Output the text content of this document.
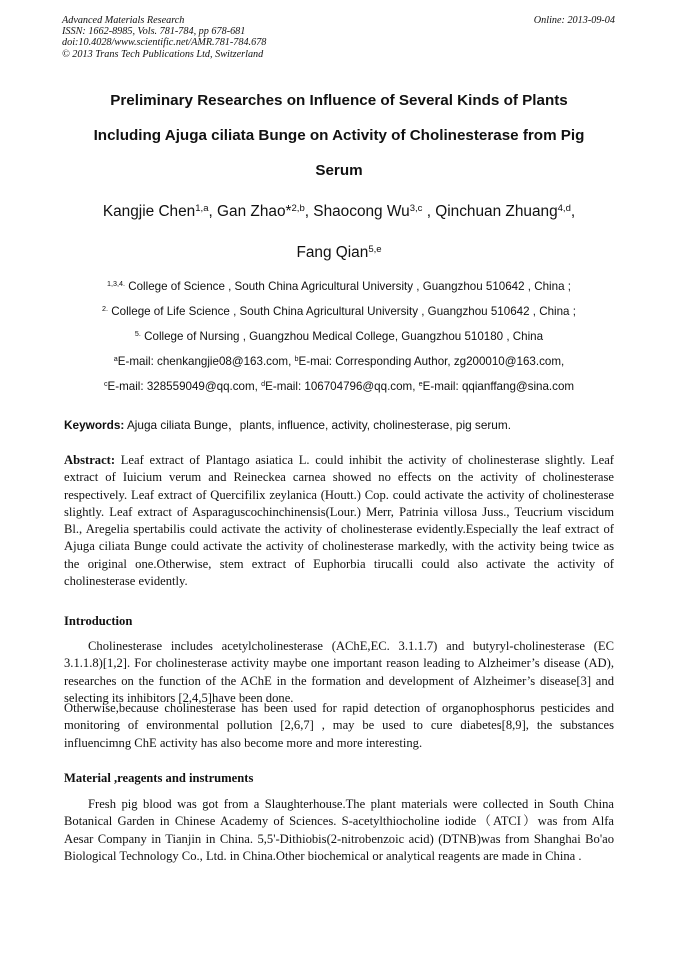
Advanced Materials Research
ISSN: 1662-8985, Vols. 781-784, pp 678-681
doi:10.4028/www.scientific.net/AMR.781-784.678
© 2013 Trans Tech Publications Ltd, Switzerland
Online: 2013-09-04
Preliminary Researches on Influence of Several Kinds of Plants
Including Ajuga ciliata Bunge on Activity of Cholinesterase from Pig
Serum
Kangjie Chen$^{1,a}$, Gan Zhao*$^{2,b}$, Shaocong Wu$^{3,c}$ , Qinchuan Zhuang$^{4,d}$,
Fang Qian$^{5,e}$
$^{1,3,4.}$ College of Science , South China Agricultural University , Guangzhou 510642 , China ;
$^{2.}$ College of Life Science , South China Agricultural University , Guangzhou 510642 , China ;
$^{5.}$ College of Nursing , Guangzhou Medical College, Guangzhou 510180 , China
$^a$E-mail: chenkangjie08@163.com, $^b$E-mai: Corresponding Author, zg200010@163.com,
$^c$E-mail: 328559049@qq.com, $^d$E-mail: 106704796@qq.com, $^e$E-mail: qqianffang@sina.com
Keywords: Ajuga ciliata Bunge，plants, influence, activity, cholinesterase, pig serum.
Abstract: Leaf extract of Plantago asiatica L. could inhibit the activity of cholinesterase slightly. Leaf extract of Iuicium verum and Reineckea carnea showed no effects on the activity of cholinesterase respectively. Leaf extract of Quercifilix zeylanica (Houtt.) Cop. could activate the activity of cholinesterase slightly. Leaf extract of Asparaguscochinchinensis(Lour.) Merr, Patrinia villosa Juss., Teucrium viscidum Bl., Aregelia spertabilis could activate the activity of cholinesterase evidently.Especially the leaf extract of Ajuga ciliata Bunge could activate the activity of cholinesterase markedly, with the activity being twice as the original one.Otherwise, stem extract of Euphorbia tirucalli could also activate the activity of cholinesterase evidently.
Introduction
Cholinesterase includes acetylcholinesterase (AChE,EC. 3.1.1.7) and butyryl-cholinesterase (EC 3.1.1.8)[1,2]. For cholinesterase activity maybe one important reason leading to Alzheimer’s disease (AD), researches on the function of the AChE in the formation and development of Alzheimer’s disease[3] and selecting its inhibitors [2,4,5]have been done.
Otherwise,because cholinesterase has been used for rapid detection of organophosphorus pesticides and monitoring of environmental pollution [2,6,7] , may be used to cure diabetes[8,9], the substances influencimng ChE activity has also become more and more interesting.
Material ,reagents and instruments
Fresh pig blood was got from a Slaughterhouse.The plant materials were collected in South China Botanical Garden in Chinese Academy of Sciences. S-acetylthiocholine iodide（ATCI）was from Alfa Aesar Company in Tianjin in China. 5,5'-Dithiobis(2-nitrobenzoic acid) (DTNB)was from Shanghai Bo'ao Biological Technology Co., Ltd. in China.Other biochemical or analytical reagents are made in China .
